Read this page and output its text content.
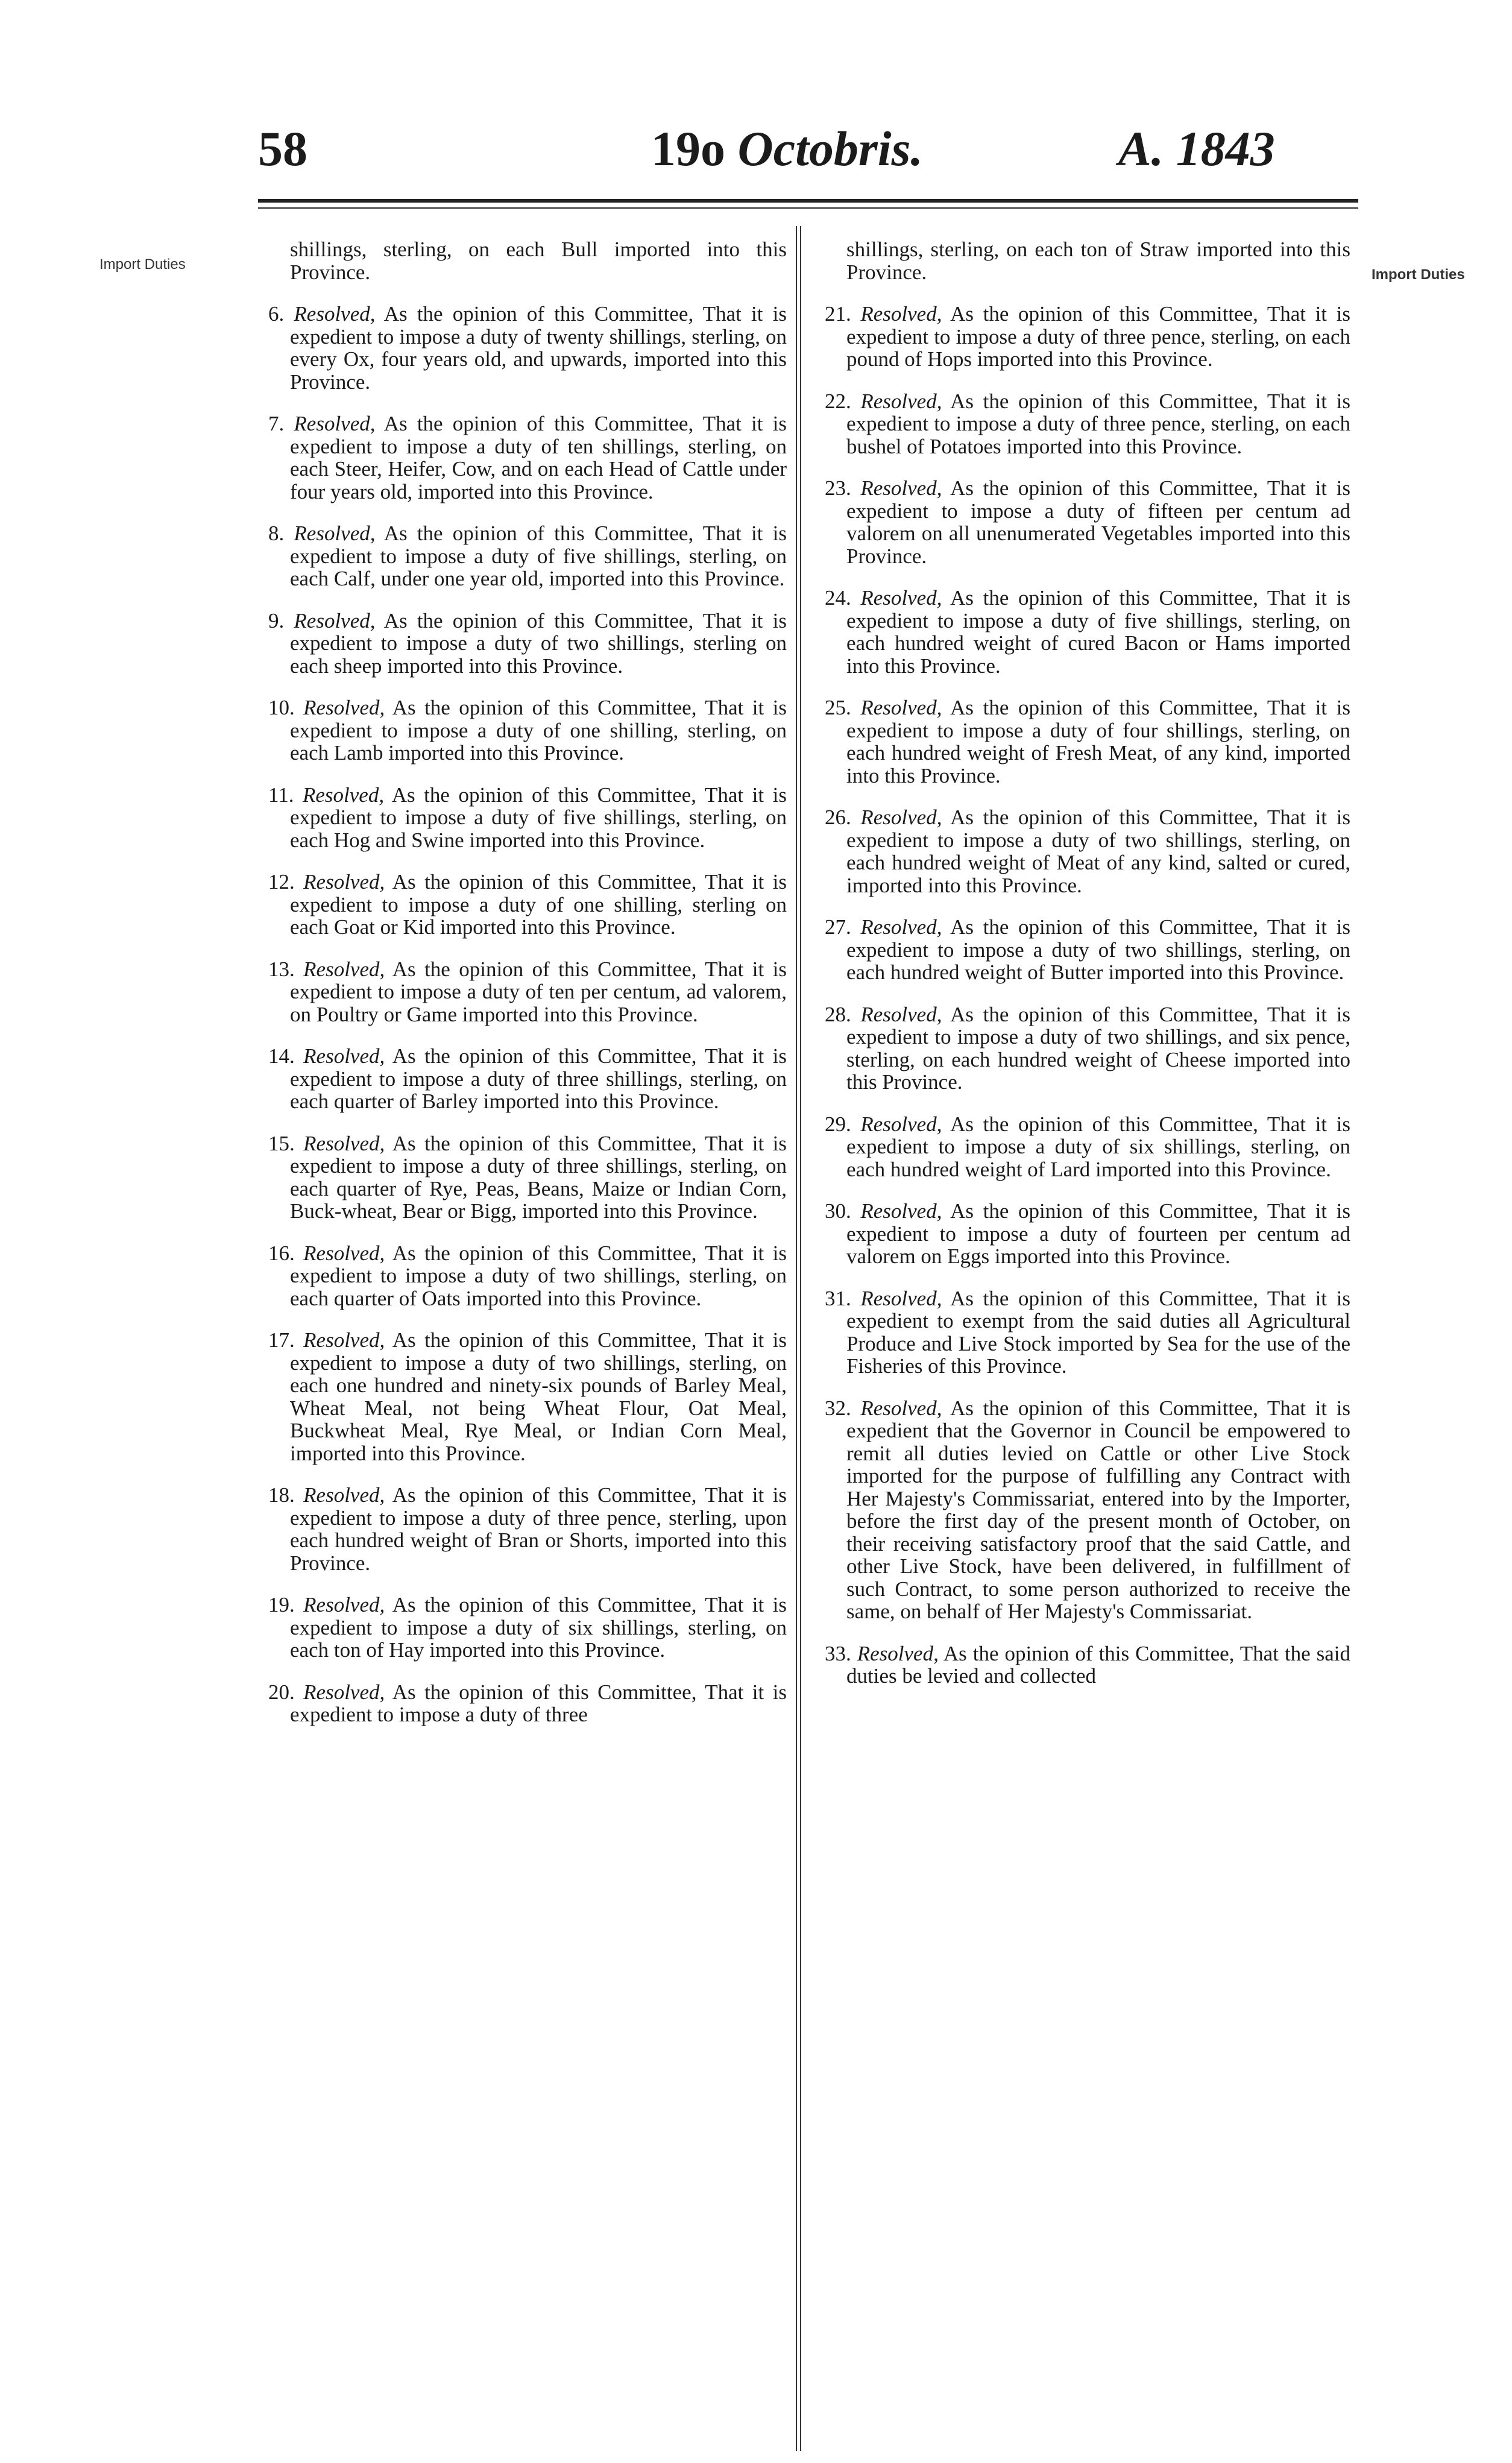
58	19o Octobris.	A. 1843
Import Duties
Import Duties

shillings, sterling, on each Bull imported into this Province.

6. Resolved, As the opinion of this Committee, That it is expedient to impose a duty of twenty shillings, sterling, on every Ox, four years old, and upwards, imported into this Province.

7. Resolved, As the opinion of this Committee, That it is expedient to impose a duty of ten shillings, sterling, on each Steer, Heifer, Cow, and on each Head of Cattle under four years old, imported into this Province.

8. Resolved, As the opinion of this Committee, That it is expedient to impose a duty of five shillings, sterling, on each Calf, under one year old, imported into this Province.

9. Resolved, As the opinion of this Committee, That it is expedient to impose a duty of two shillings, sterling on each sheep imported into this Province.

10. Resolved, As the opinion of this Committee, That it is expedient to impose a duty of one shilling, sterling, on each Lamb imported into this Province.

11. Resolved, As the opinion of this Committee, That it is expedient to impose a duty of five shillings, sterling, on each Hog and Swine imported into this Province.

12. Resolved, As the opinion of this Committee, That it is expedient to impose a duty of one shilling, sterling on each Goat or Kid imported into this Province.

13. Resolved, As the opinion of this Committee, That it is expedient to impose a duty of ten per centum, ad valorem, on Poultry or Game imported into this Province.

14. Resolved, As the opinion of this Committee, That it is expedient to impose a duty of three shillings, sterling, on each quarter of Barley imported into this Province.

15. Resolved, As the opinion of this Committee, That it is expedient to impose a duty of three shillings, sterling, on each quarter of Rye, Peas, Beans, Maize or Indian Corn, Buck-wheat, Bear or Bigg, imported into this Province.

16. Resolved, As the opinion of this Committee, That it is expedient to impose a duty of two shillings, sterling, on each quarter of Oats imported into this Province.

17. Resolved, As the opinion of this Committee, That it is expedient to impose a duty of two shillings, sterling, on each one hundred and ninety-six pounds of Barley Meal, Wheat Meal, not being Wheat Flour, Oat Meal, Buckwheat Meal, Rye Meal, or Indian Corn Meal, imported into this Province.

18. Resolved, As the opinion of this Committee, That it is expedient to impose a duty of three pence, sterling, upon each hundred weight of Bran or Shorts, imported into this Province.

19. Resolved, As the opinion of this Committee, That it is expedient to impose a duty of six shillings, sterling, on each ton of Hay imported into this Province.

20. Resolved, As the opinion of this Committee, That it is expedient to impose a duty of three

shillings, sterling, on each ton of Straw imported into this Province.

21. Resolved, As the opinion of this Committee, That it is expedient to impose a duty of three pence, sterling, on each pound of Hops imported into this Province.

22. Resolved, As the opinion of this Committee, That it is expedient to impose a duty of three pence, sterling, on each bushel of Potatoes imported into this Province.

23. Resolved, As the opinion of this Committee, That it is expedient to impose a duty of fifteen per centum ad valorem on all unenumerated Vegetables imported into this Province.

24. Resolved, As the opinion of this Committee, That it is expedient to impose a duty of five shillings, sterling, on each hundred weight of cured Bacon or Hams imported into this Province.

25. Resolved, As the opinion of this Committee, That it is expedient to impose a duty of four shillings, sterling, on each hundred weight of Fresh Meat, of any kind, imported into this Province.

26. Resolved, As the opinion of this Committee, That it is expedient to impose a duty of two shillings, sterling, on each hundred weight of Meat of any kind, salted or cured, imported into this Province.

27. Resolved, As the opinion of this Committee, That it is expedient to impose a duty of two shillings, sterling, on each hundred weight of Butter imported into this Province.

28. Resolved, As the opinion of this Committee, That it is expedient to impose a duty of two shillings, and six pence, sterling, on each hundred weight of Cheese imported into this Province.

29. Resolved, As the opinion of this Committee, That it is expedient to impose a duty of six shillings, sterling, on each hundred weight of Lard imported into this Province.

30. Resolved, As the opinion of this Committee, That it is expedient to impose a duty of fourteen per centum ad valorem on Eggs imported into this Province.

31. Resolved, As the opinion of this Committee, That it is expedient to exempt from the said duties all Agricultural Produce and Live Stock imported by Sea for the use of the Fisheries of this Province.

32. Resolved, As the opinion of this Committee, That it is expedient that the Governor in Council be empowered to remit all duties levied on Cattle or other Live Stock imported for the purpose of fulfilling any Contract with Her Majesty's Commissariat, entered into by the Importer, before the first day of the present month of October, on their receiving satisfactory proof that the said Cattle, and other Live Stock, have been delivered, in fulfillment of such Contract, to some person authorized to receive the same, on behalf of Her Majesty's Commissariat.

33. Resolved, As the opinion of this Committee, That the said duties be levied and collected
